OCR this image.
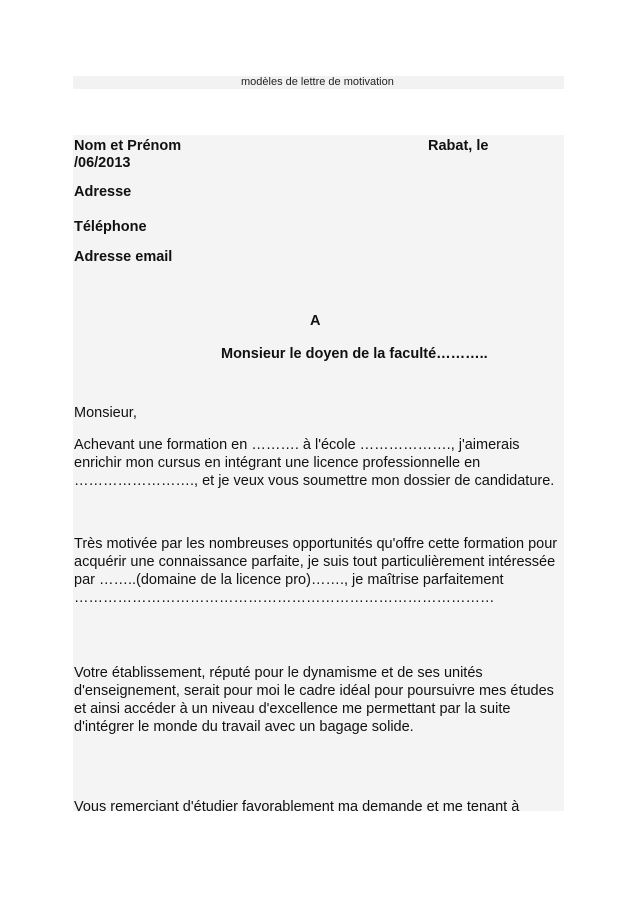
modèles de lettre de motivation
Nom et Prénom	Rabat, le
/06/2013
Adresse
Téléphone
Adresse email
A
Monsieur le doyen de la faculté………..
Monsieur,
Achevant une formation en ………. à l'école ………………., j'aimerais
enrichir mon cursus en intégrant une licence professionnelle en
……………………., et je veux vous soumettre mon dossier de candidature.
Très motivée par les nombreuses opportunités qu'offre cette formation pour
acquérir une connaissance parfaite, je suis tout particulièrement intéressée
par ……..(domaine de la licence pro)……., je maîtrise parfaitement
……………………………………………………………………………
Votre établissement, réputé pour le dynamisme et de ses unités
d'enseignement, serait pour moi le cadre idéal pour poursuivre mes études
et ainsi accéder à un niveau d'excellence me permettant par la suite
d'intégrer le monde du travail avec un bagage solide.
Vous remerciant d'étudier favorablement ma demande et me tenant à
